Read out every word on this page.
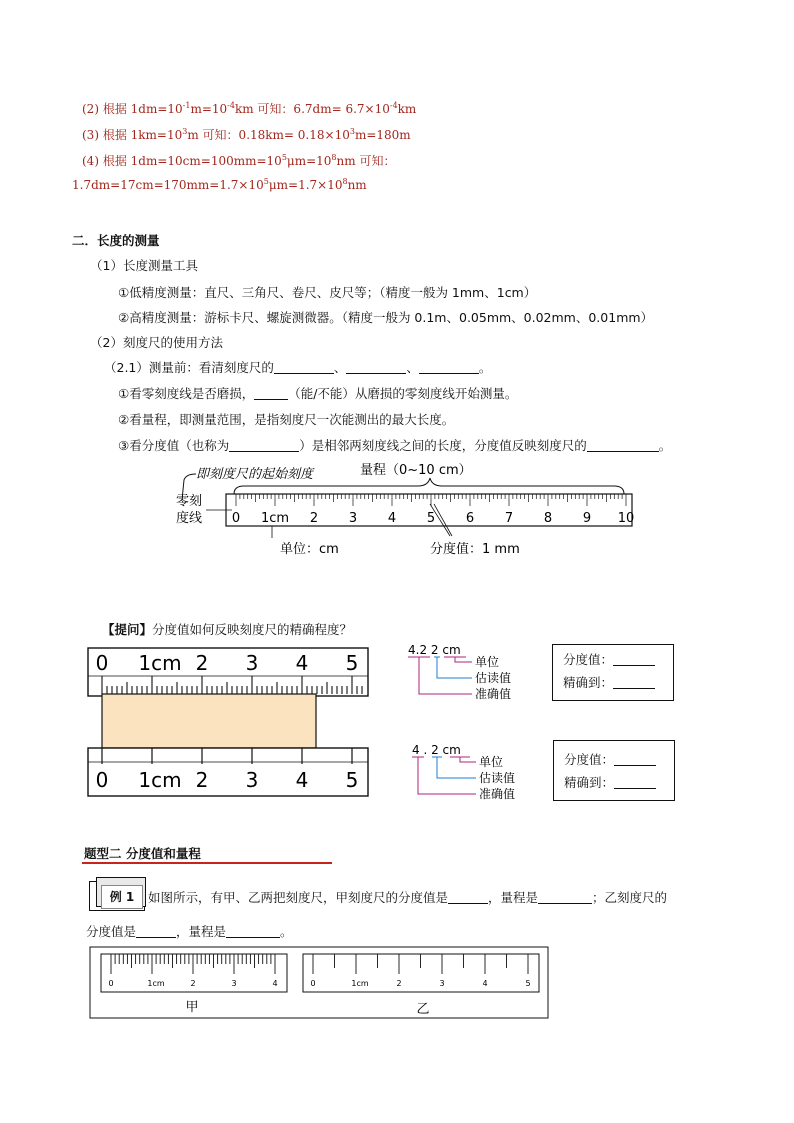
(2) 根据 $1dm=10^{-1}m=10^{-4}km$ 可知：$6.7dm= 6.7\times 10^{-4}km$
(3) 根据 $1km=10^3m$ 可知：$0.18km= 0.18\times 10^3m=180m$
(4) 根据 $1dm=10cm=100mm=10^5\mu m=10^8nm$ 可知：
$1.7dm=17cm=170mm=1.7\times 10^5\mu m=1.7\times 10^8nm$
二．长度的测量
（1）长度测量工具
①低精度测量：直尺、三角尺、卷尺、皮尺等；（精度一般为 1mm、1cm）
②高精度测量：游标卡尺、螺旋测微器。（精度一般为 0.1m、0.05mm、0.02mm、0.01mm）
（2）刻度尺的使用方法
（2.1）测量前：看清刻度尺的	、	、	。
①看零刻度线是否磨损，	（能/不能）从磨损的零刻度线开始测量。
②看量程，即测量范围，是指刻度尺一次能测出的最大长度。
③看分度值（也称为	）是相邻两刻度线之间的长度，分度值反映刻度尺的	。
即刻度尺的起始刻度	量程（0~10 cm）
0 1cm 2 3 4 5 6 7 8 9 10
零刻
度线
单位：cm	分度值：1 mm
【提问】分度值如何反映刻度尺的精确程度？
0 1cm 2 3 4 5
0 1cm 2 3 4 5
4.2 2 cm
单位
估读值
准确值
4 . 2 cm
单位
估读值
准确值
分度值：
精确到：
分度值：
精确到：
题型二 分度值和量程
例 1	如图所示，有甲、乙两把刻度尺，甲刻度尺的分度值是	，量程是	；乙刻度尺的
分度值是	，量程是	。
0	1cm	2	3	4	0	1cm	2	3	4	5
甲	乙
